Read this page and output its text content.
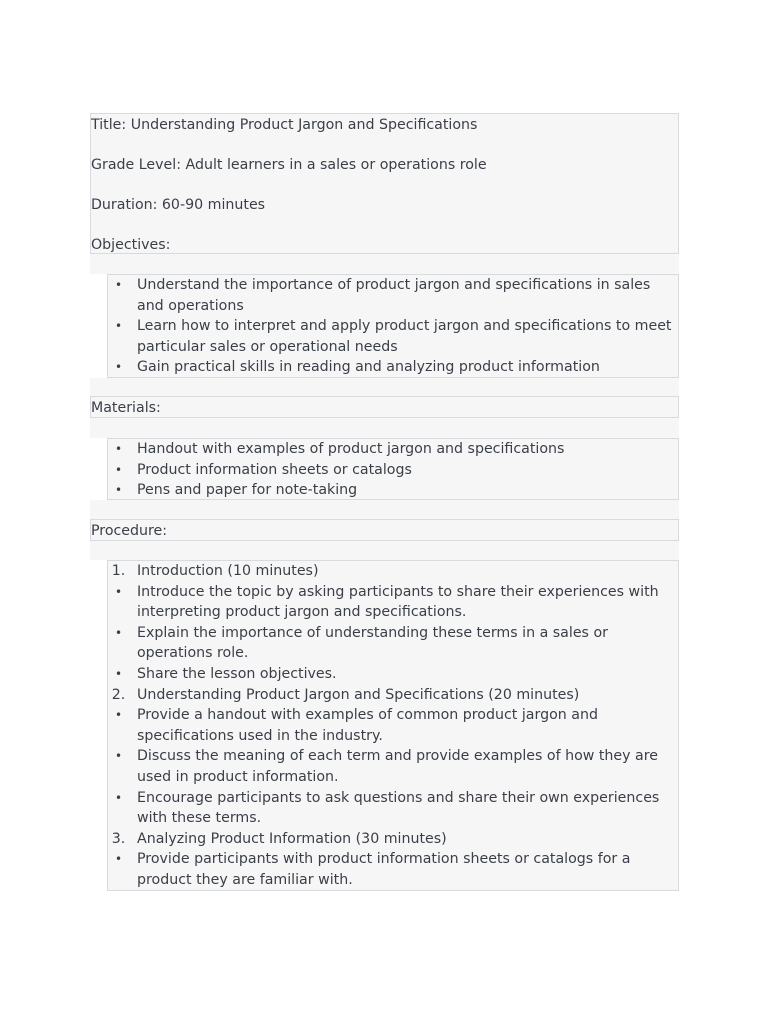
Title: Understanding Product Jargon and Specifications

Grade Level: Adult learners in a sales or operations role

Duration: 60-90 minutes

Objectives:

•	Understand the importance of product jargon and specifications in sales and operations
•	Learn how to interpret and apply product jargon and specifications to meet particular sales or operational needs
•	Gain practical skills in reading and analyzing product information
Materials:
•	Handout with examples of product jargon and specifications
•	Product information sheets or catalogs
•	Pens and paper for note-taking
Procedure:
1. Introduction (10 minutes)
•	Introduce the topic by asking participants to share their experiences with interpreting product jargon and specifications.
•	Explain the importance of understanding these terms in a sales or operations role.
•	Share the lesson objectives.
2. Understanding Product Jargon and Specifications (20 minutes)
•	Provide a handout with examples of common product jargon and specifications used in the industry.
•	Discuss the meaning of each term and provide examples of how they are used in product information.
•	Encourage participants to ask questions and share their own experiences with these terms.
3. Analyzing Product Information (30 minutes)
•	Provide participants with product information sheets or catalogs for a product they are familiar with.
